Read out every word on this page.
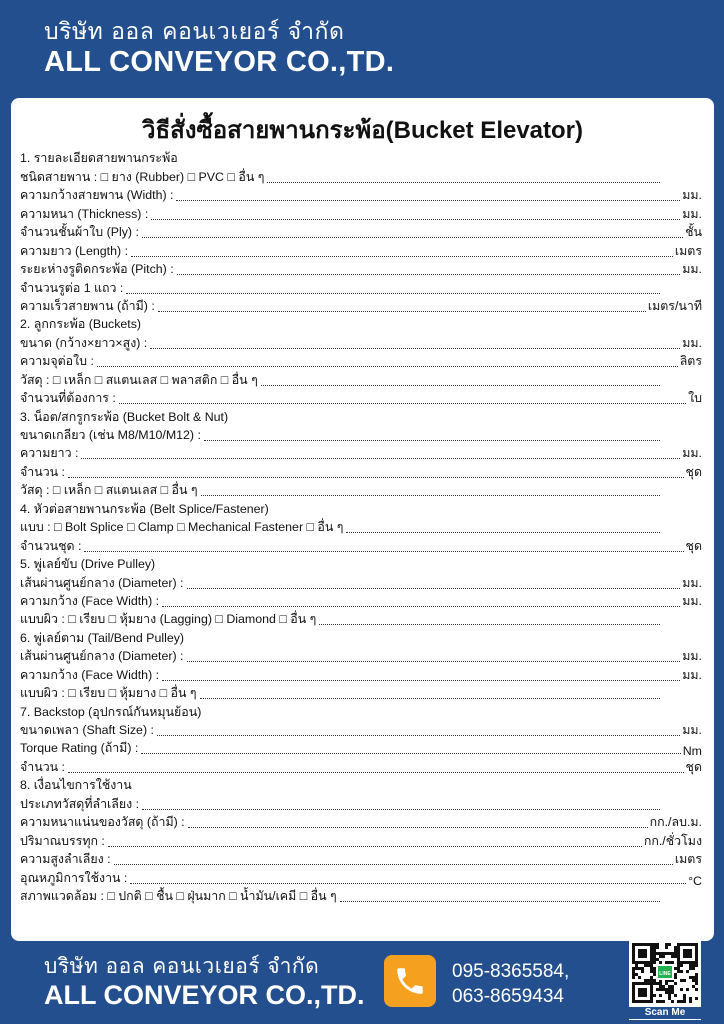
บริษัท ออล คอนเวเยอร์ จำกัด
ALL CONVEYOR CO.,TD.
วิธีสั่งซื้อสายพานกระพ้อ(Bucket Elevator)
1. รายละเอียดสายพานกระพ้อ
ชนิดสายพาน : □ ยาง (Rubber) □ PVC □ อื่น ๆ
ความกว้างสายพาน (Width) :	มม.
ความหนา (Thickness) :	มม.
จำนวนชั้นผ้าใบ (Ply) :	ชั้น
ความยาว (Length) :	เมตร
ระยะห่างรูติดกระพ้อ (Pitch) :	มม.
จำนวนรูต่อ 1 แถว :
ความเร็วสายพาน (ถ้ามี) :	เมตร/นาที
2. ลูกกระพ้อ (Buckets)
ขนาด (กว้าง×ยาว×สูง) :	มม.
ความจุต่อใบ :	ลิตร
วัสดุ : □ เหล็ก □ สแตนเลส □ พลาสติก □ อื่น ๆ
จำนวนที่ต้องการ :	ใบ
3. น็อต/สกรูกระพ้อ (Bucket Bolt & Nut)
ขนาดเกลียว (เช่น M8/M10/M12) :
ความยาว :	มม.
จำนวน :	ชุด
วัสดุ : □ เหล็ก □ สแตนเลส □ อื่น ๆ
4. หัวต่อสายพานกระพ้อ (Belt Splice/Fastener)
แบบ : □ Bolt Splice □ Clamp □ Mechanical Fastener □ อื่น ๆ
จำนวนชุด :	ชุด
5. พู่เลย์ขับ (Drive Pulley)
เส้นผ่านศูนย์กลาง (Diameter) :	มม.
ความกว้าง (Face Width) :	มม.
แบบผิว : □ เรียบ □ หุ้มยาง (Lagging) □ Diamond □ อื่น ๆ
6. พู่เลย์ตาม (Tail/Bend Pulley)
เส้นผ่านศูนย์กลาง (Diameter) :	มม.
ความกว้าง (Face Width) :	มม.
แบบผิว : □ เรียบ □ หุ้มยาง □ อื่น ๆ
7. Backstop (อุปกรณ์กันหมุนย้อน)
ขนาดเพลา (Shaft Size) :	มม.
Torque Rating (ถ้ามี) :	Nm
จำนวน :	ชุด
8. เงื่อนไขการใช้งาน
ประเภทวัสดุที่ลำเลียง :
ความหนาแน่นของวัสดุ (ถ้ามี) :	กก./ลบ.ม.
ปริมาณบรรทุก :	กก./ชั่วโมง
ความสูงลำเลียง :	เมตร
อุณหภูมิการใช้งาน :	°C
สภาพแวดล้อม : □ ปกติ □ ชื้น □ ฝุ่นมาก □ น้ำมัน/เคมี □ อื่น ๆ
บริษัท ออล คอนเวเยอร์ จำกัด
ALL CONVEYOR CO.,TD.
095-8365584,
063-8659434
LINE
Scan Me
